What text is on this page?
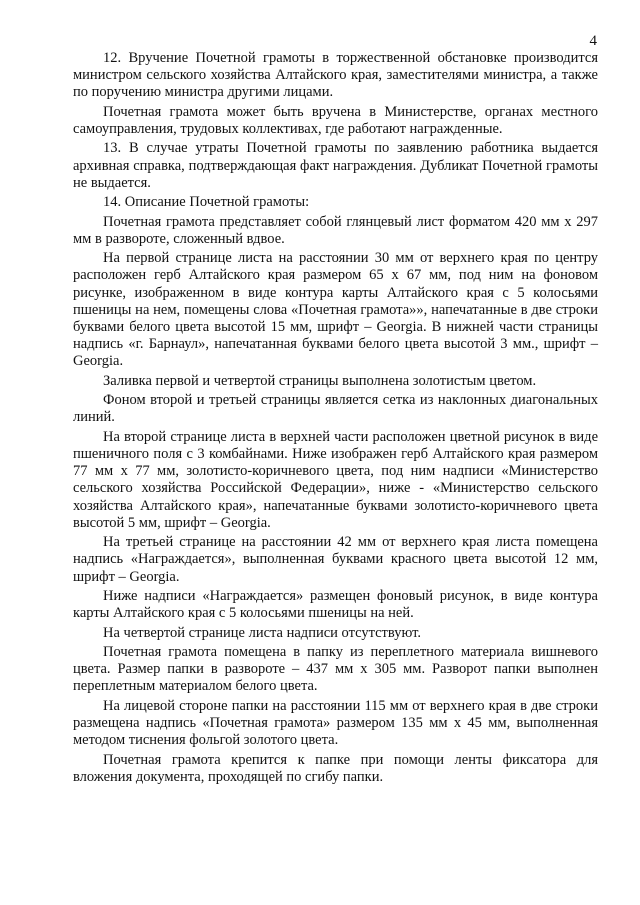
4

12. Вручение Почетной грамоты в торжественной обстановке производится министром сельского хозяйства Алтайского края, заместителями министра, а также по поручению министра другими лицами.

Почетная грамота может быть вручена в Министерстве, органах местного самоуправления, трудовых коллективах, где работают награжденные.

13. В случае утраты Почетной грамоты по заявлению работника выдается архивная справка, подтверждающая факт награждения. Дубликат Почетной грамоты не выдается.

14. Описание Почетной грамоты:

Почетная грамота представляет собой глянцевый лист форматом 420 мм х 297 мм в развороте, сложенный вдвое.

На первой странице листа на расстоянии 30 мм от верхнего края по центру расположен герб Алтайского края размером 65 х 67 мм, под ним на фоновом рисунке, изображенном в виде контура карты Алтайского края с 5 колосьями пшеницы на нем, помещены слова «Почетная грамота»», напечатанные в две строки буквами белого цвета высотой 15 мм, шрифт – Georgia. В нижней части страницы надпись «г. Барнаул», напечатанная буквами белого цвета высотой 3 мм., шрифт – Georgia.

Заливка первой и четвертой страницы выполнена золотистым цветом.

Фоном второй и третьей страницы является сетка из наклонных диагональных линий.

На второй странице листа в верхней части расположен цветной рисунок в виде пшеничного поля с 3 комбайнами. Ниже изображен герб Алтайского края размером 77 мм х 77 мм, золотисто-коричневого цвета, под ним надписи «Министерство сельского хозяйства Российской Федерации», ниже - «Министерство сельского хозяйства Алтайского края», напечатанные буквами золотисто-коричневого цвета высотой 5 мм, шрифт – Georgia.

На третьей странице на расстоянии 42 мм от верхнего края листа помещена надпись «Награждается», выполненная буквами красного цвета высотой 12 мм, шрифт – Georgia.

Ниже надписи «Награждается» размещен фоновый рисунок, в виде контура карты Алтайского края с 5 колосьями пшеницы на ней.

На четвертой странице листа надписи отсутствуют.

Почетная грамота помещена в папку из переплетного материала вишневого цвета. Размер папки в развороте – 437 мм х 305 мм. Разворот папки выполнен переплетным материалом белого цвета.

На лицевой стороне папки на расстоянии 115 мм от верхнего края в две строки размещена надпись «Почетная грамота» размером 135 мм х 45 мм, выполненная методом тиснения фольгой золотого цвета.

Почетная грамота крепится к папке при помощи ленты фиксатора для вложения документа, проходящей по сгибу папки.
